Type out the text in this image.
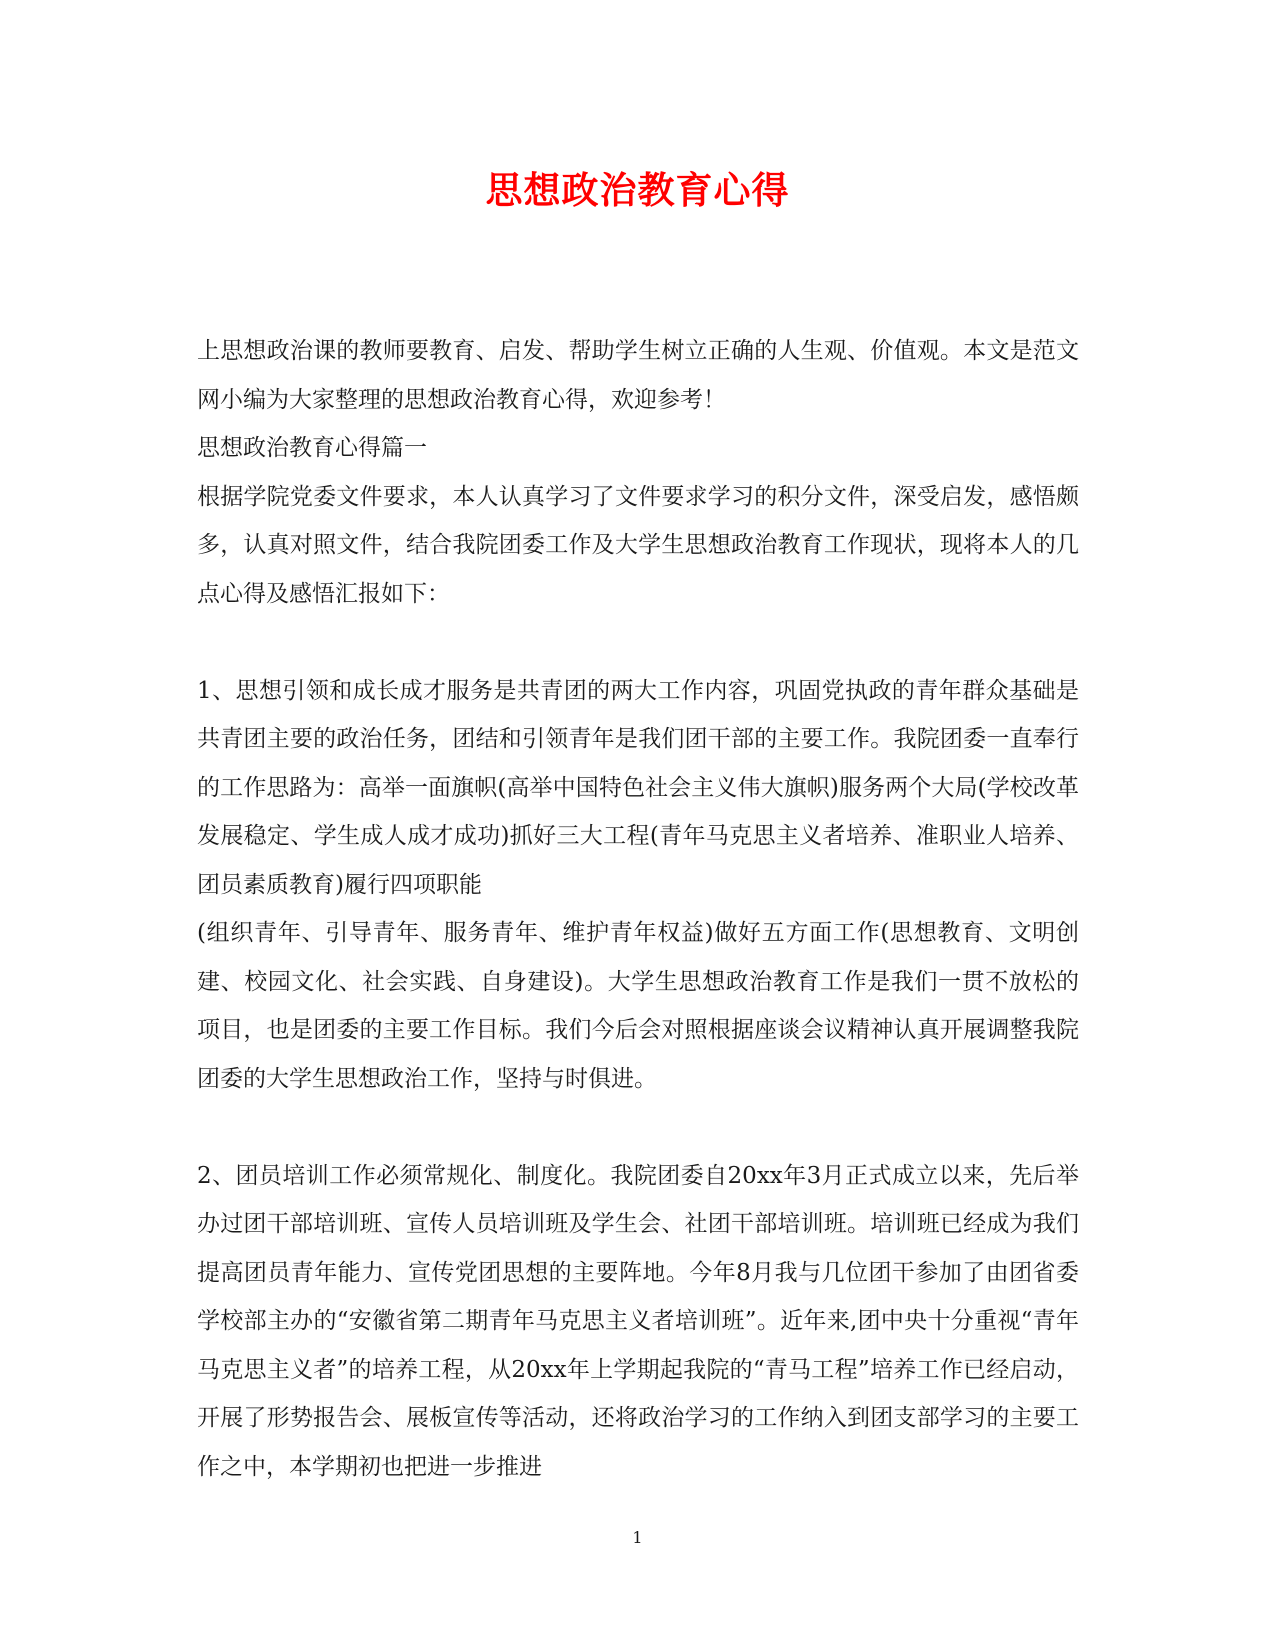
思想政治教育心得

上思想政治课的教师要教育、启发、帮助学生树立正确的人生观、价值观。本文是范文网小编为大家整理的思想政治教育心得，欢迎参考！

思想政治教育心得篇一

根据学院党委文件要求，本人认真学习了文件要求学习的积分文件，深受启发，感悟颇多，认真对照文件，结合我院团委工作及大学生思想政治教育工作现状，现将本人的几点心得及感悟汇报如下：

1、思想引领和成长成才服务是共青团的两大工作内容，巩固党执政的青年群众基础是共青团主要的政治任务，团结和引领青年是我们团干部的主要工作。我院团委一直奉行的工作思路为：高举一面旗帜(高举中国特色社会主义伟大旗帜)服务两个大局(学校改革发展稳定、学生成人成才成功)抓好三大工程(青年马克思主义者培养、准职业人培养、团员素质教育)履行四项职能

(组织青年、引导青年、服务青年、维护青年权益)做好五方面工作(思想教育、文明创建、校园文化、社会实践、自身建设)。大学生思想政治教育工作是我们一贯不放松的项目，也是团委的主要工作目标。我们今后会对照根据座谈会议精神认真开展调整我院团委的大学生思想政治工作，坚持与时俱进。

2、团员培训工作必须常规化、制度化。我院团委自20xx年3月正式成立以来，先后举办过团干部培训班、宣传人员培训班及学生会、社团干部培训班。培训班已经成为我们提高团员青年能力、宣传党团思想的主要阵地。今年8月我与几位团干参加了由团省委学校部主办的“安徽省第二期青年马克思主义者培训班”。近年来,团中央十分重视“青年马克思主义者”的培养工程，从20xx年上学期起我院的“青马工程”培养工作已经启动，开展了形势报告会、展板宣传等活动，还将政治学习的工作纳入到团支部学习的主要工作之中，本学期初也把进一步推进

1
